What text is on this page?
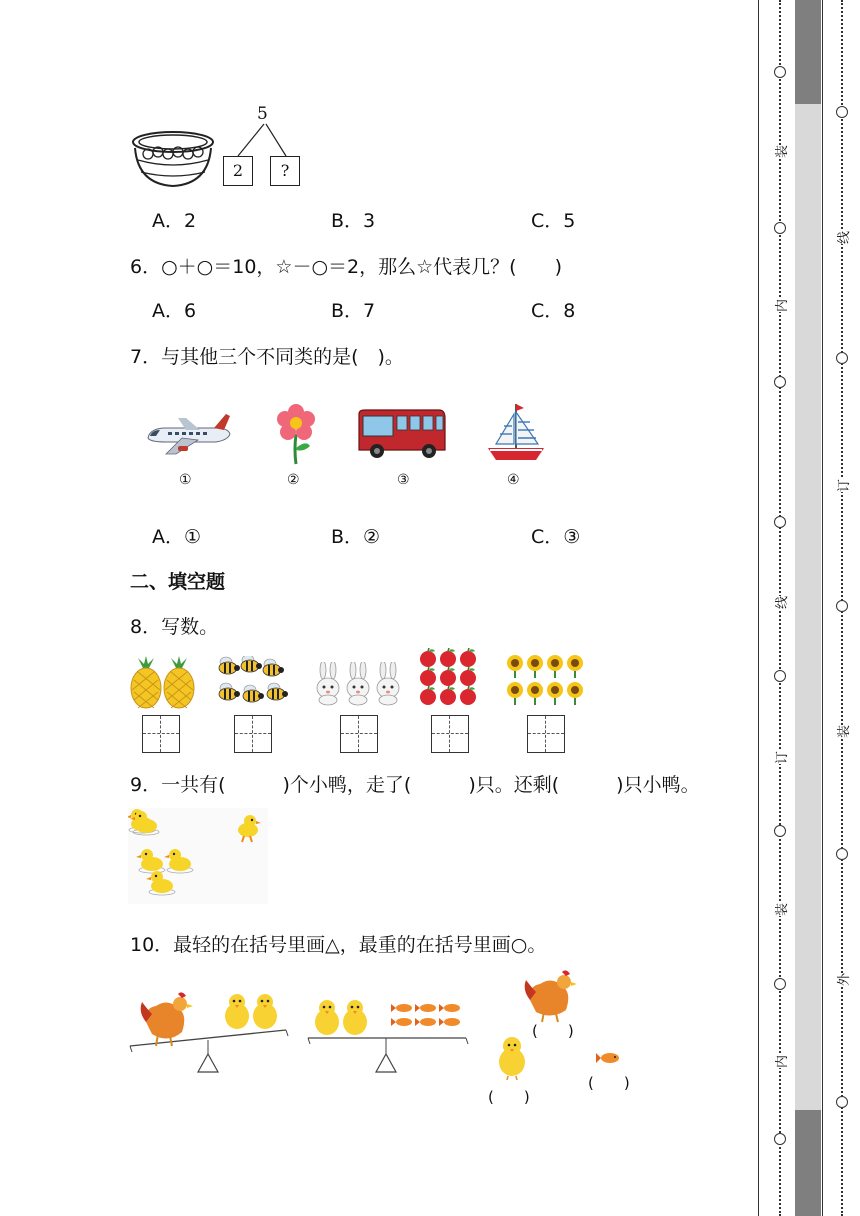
5
2	?
A．2	B．3	C．5
6．○＋○＝10，☆－○＝2，那么☆代表几？(　　)
A．6	B．7	C．8
7．与其他三个不同类的是(　)。
①	②	③	④
A．①	B．②	C．③
二、填空题
8．写数。
9．一共有(　　　)个小鸭，走了(　　　)只。还剩(　　　)只小鸭。
10．最轻的在括号里画△，最重的在括号里画○。
(　　)
(　　)
(　　)
装
内
线
订
装
内
线
订
装
外
